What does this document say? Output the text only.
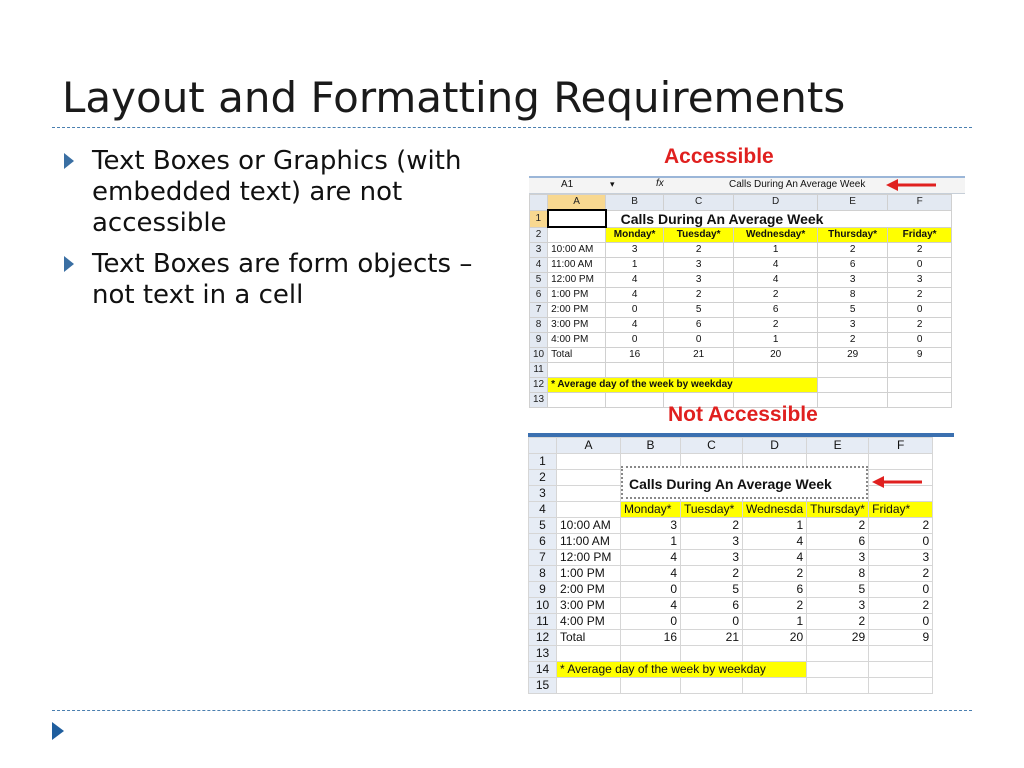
Layout and Formatting Requirements
Text Boxes or Graphics (with embedded text) are not accessible
Text Boxes are form objects – not text in a cell
Accessible
A1	▾	fx	Calls During An Average Week
	A	B	C	D	E	F
1		Calls During An Average Week				
2		Monday*	Tuesday*	Wednesday*	Thursday*	Friday*
3	10:00 AM	3	2	1	2	2
4	11:00 AM	1	3	4	6	0
5	12:00 PM	4	3	4	3	3
6	1:00 PM	4	2	2	8	2
7	2:00 PM	0	5	6	5	0
8	3:00 PM	4	6	2	3	2
9	4:00 PM	0	0	1	2	0
10	Total	16	21	20	29	9
11						
12	* Average day of the week by weekday					
13						
Not Accessible
	A	B	C	D	E	F
1						
2						
3						
4		Monday*	Tuesday*	Wednesda	Thursday*	Friday*
5	10:00 AM	3	2	1	2	2
6	11:00 AM	1	3	4	6	0
7	12:00 PM	4	3	4	3	3
8	1:00 PM	4	2	2	8	2
9	2:00 PM	0	5	6	5	0
10	3:00 PM	4	6	2	3	2
11	4:00 PM	0	0	1	2	0
12	Total	16	21	20	29	9
13						
14	* Average day of the week by weekday					
15						
Calls During An Average Week
